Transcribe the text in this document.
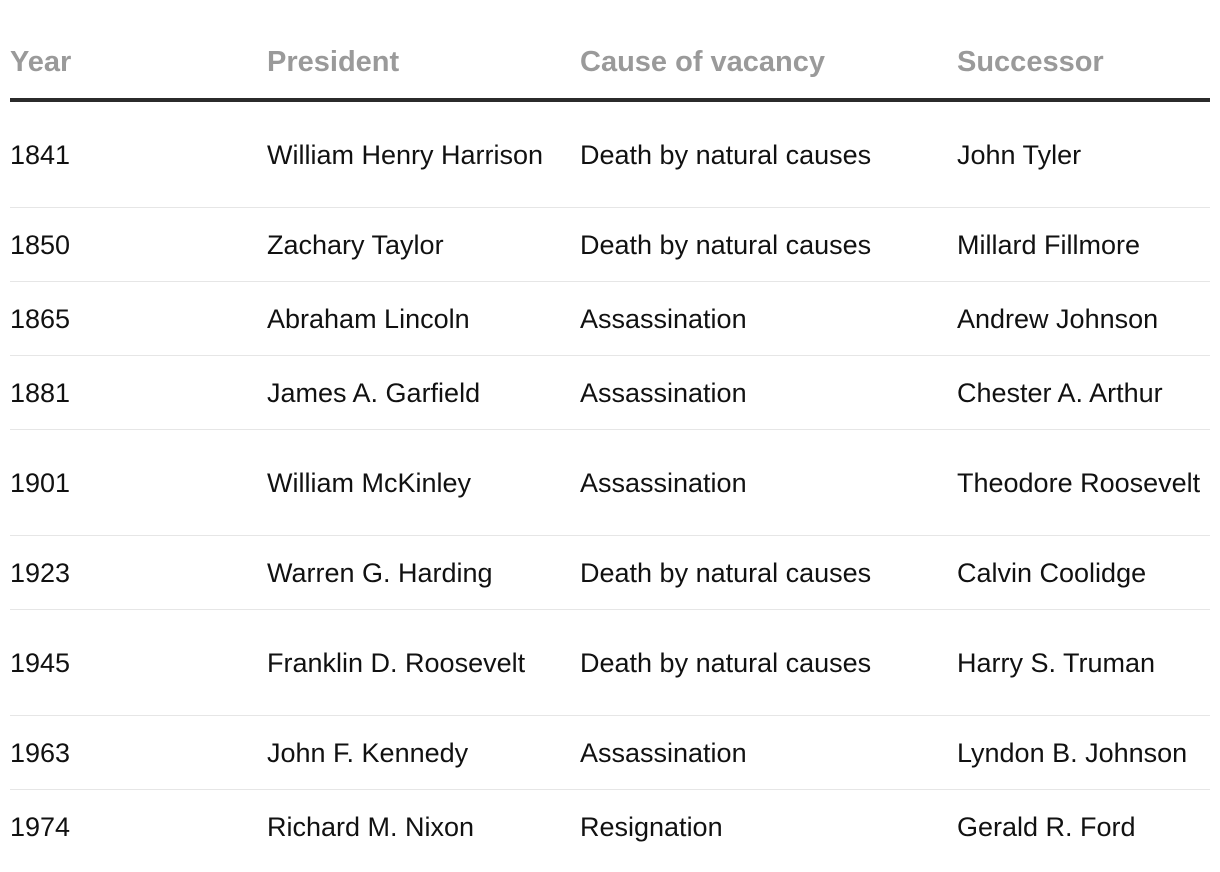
Year	President	Cause of vacancy	Successor
1841	William Henry Harrison	Death by natural causes	John Tyler
1850	Zachary Taylor	Death by natural causes	Millard Fillmore
1865	Abraham Lincoln	Assassination	Andrew Johnson
1881	James A. Garfield	Assassination	Chester A. Arthur
1901	William McKinley	Assassination	Theodore Roosevelt
1923	Warren G. Harding	Death by natural causes	Calvin Coolidge
1945	Franklin D. Roosevelt	Death by natural causes	Harry S. Truman
1963	John F. Kennedy	Assassination	Lyndon B. Johnson
1974	Richard M. Nixon	Resignation	Gerald R. Ford
